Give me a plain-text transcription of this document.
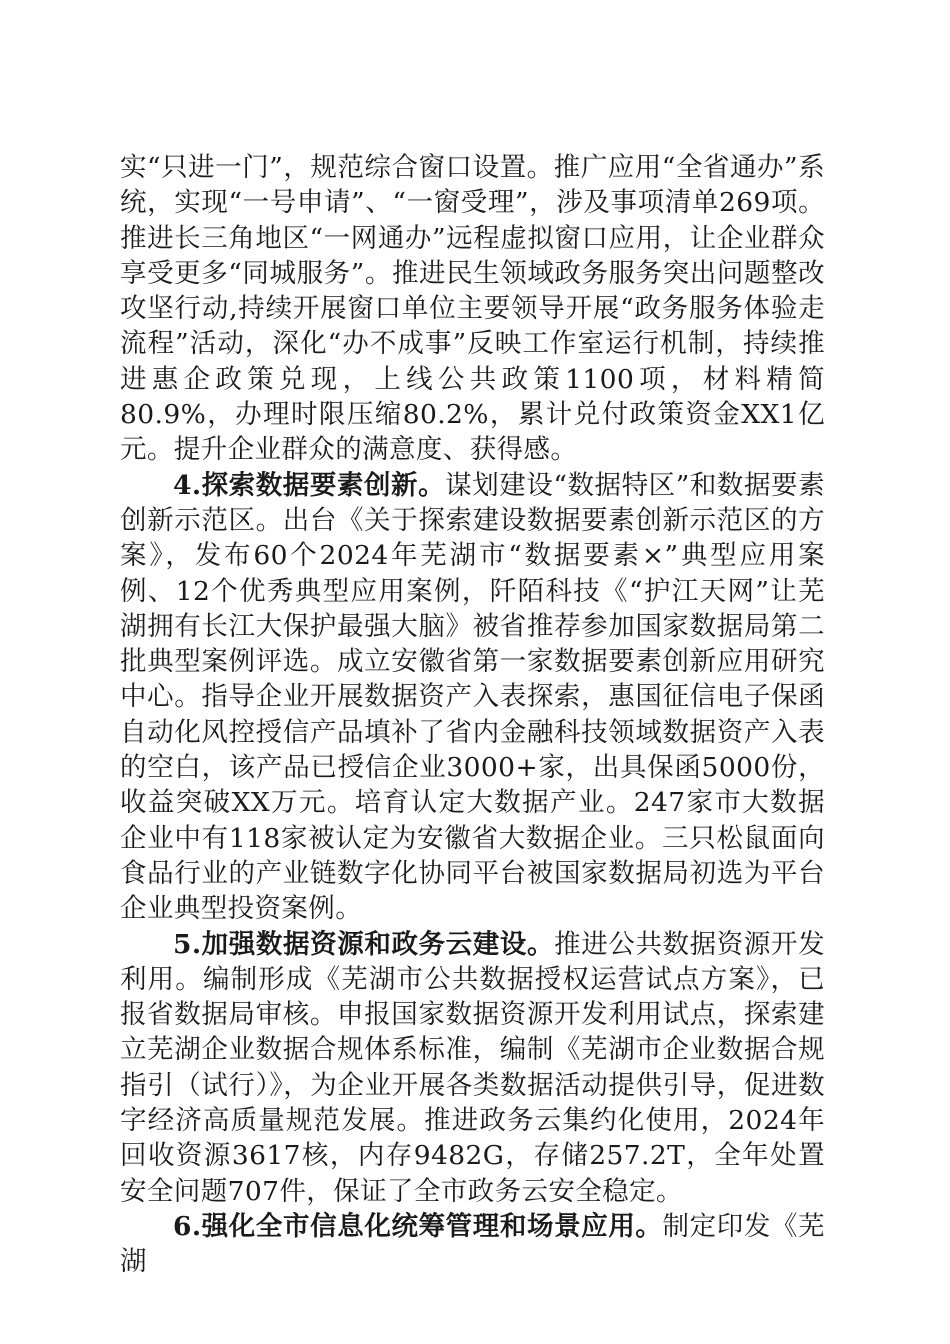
实“只进一门”，规范综合窗口设置。推广应用“全省通办”系统，实现“一号申请”、“一窗受理”，涉及事项清单269项。推进长三角地区“一网通办”远程虚拟窗口应用，让企业群众享受更多“同城服务”。推进民生领域政务服务突出问题整改攻坚行动,持续开展窗口单位主要领导开展“政务服务体验走流程”活动，深化“办不成事”反映工作室运行机制，持续推进惠企政策兑现，上线公共政策1100项，材料精简80.9%，办理时限压缩80.2%，累计兑付政策资金XX1亿元。提升企业群众的满意度、获得感。

4.探索数据要素创新。谋划建设“数据特区”和数据要素创新示范区。出台《关于探索建设数据要素创新示范区的方案》，发布60个2024年芜湖市“数据要素×”典型应用案例、12个优秀典型应用案例，阡陌科技《“护江天网”让芜湖拥有长江大保护最强大脑》被省推荐参加国家数据局第二批典型案例评选。成立安徽省第一家数据要素创新应用研究中心。指导企业开展数据资产入表探索，惠国征信电子保函自动化风控授信产品填补了省内金融科技领域数据资产入表的空白，该产品已授信企业3000+家，出具保函5000份，收益突破XX万元。培育认定大数据产业。247家市大数据企业中有118家被认定为安徽省大数据企业。三只松鼠面向食品行业的产业链数字化协同平台被国家数据局初选为平台企业典型投资案例。

5.加强数据资源和政务云建设。推进公共数据资源开发利用。编制形成《芜湖市公共数据授权运营试点方案》，已报省数据局审核。申报国家数据资源开发利用试点，探索建立芜湖企业数据合规体系标准，编制《芜湖市企业数据合规指引（试行）》，为企业开展各类数据活动提供引导，促进数字经济高质量规范发展。推进政务云集约化使用，2024年回收资源3617核，内存9482G，存储257.2T，全年处置安全问题707件，保证了全市政务云安全稳定。

6.强化全市信息化统筹管理和场景应用。制定印发《芜湖
